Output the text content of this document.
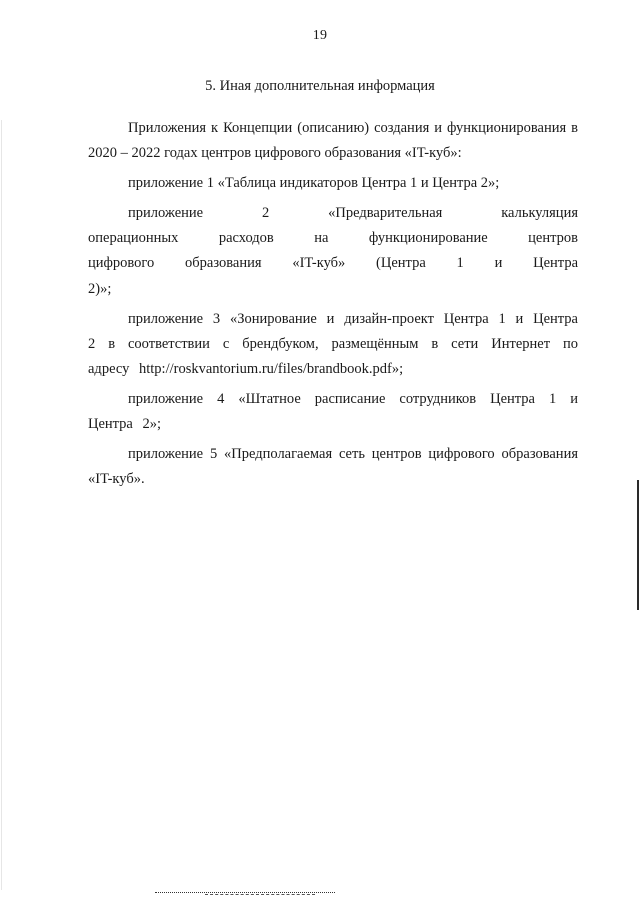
19
5. Иная дополнительная информация

Приложения к Концепции (описанию) создания и функционирования в 2020 – 2022 годах центров цифрового образования «IT-куб»:

приложение 1 «Таблица индикаторов Центра 1 и Центра 2»;

приложение 2 «Предварительная калькуляция операционных расходов на функционирование центров цифрового образования «IT-куб» (Центра 1 и Центра 2)»;

приложение 3 «Зонирование и дизайн-проект Центра 1 и Центра 2 в соответствии с брендбуком, размещённым в сети Интернет по адресу http://roskvantorium.ru/files/brandbook.pdf»;

приложение 4 «Штатное расписание сотрудников Центра 1 и Центра 2»;

приложение 5 «Предполагаемая сеть центров цифрового образования «IT-куб».
